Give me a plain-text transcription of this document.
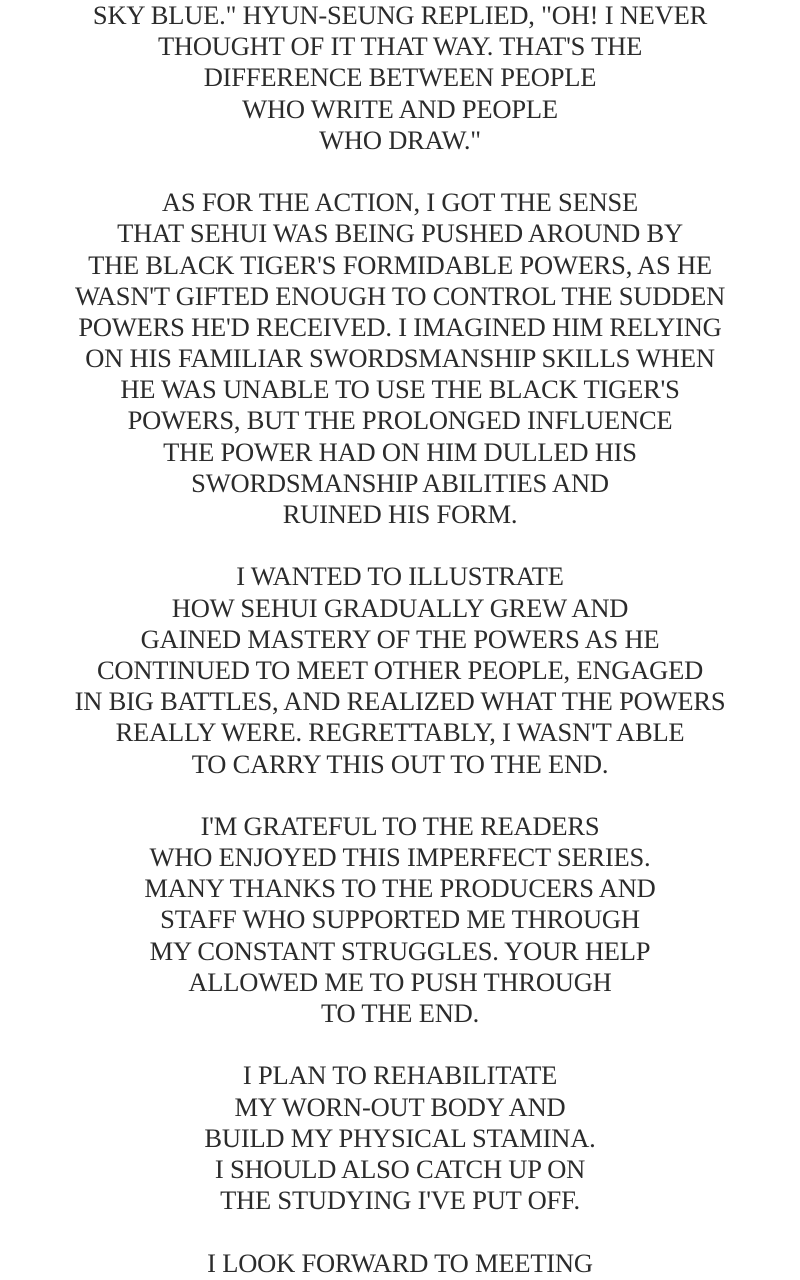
SKY BLUE." HYUN-SEUNG REPLIED, "OH! I NEVER
THOUGHT OF IT THAT WAY. THAT'S THE
DIFFERENCE BETWEEN PEOPLE
WHO WRITE AND PEOPLE
WHO DRAW."
AS FOR THE ACTION, I GOT THE SENSE
THAT SEHUI WAS BEING PUSHED AROUND BY
THE BLACK TIGER'S FORMIDABLE POWERS, AS HE
WASN'T GIFTED ENOUGH TO CONTROL THE SUDDEN
POWERS HE'D RECEIVED. I IMAGINED HIM RELYING
ON HIS FAMILIAR SWORDSMANSHIP SKILLS WHEN
HE WAS UNABLE TO USE THE BLACK TIGER'S
POWERS, BUT THE PROLONGED INFLUENCE
THE POWER HAD ON HIM DULLED HIS
SWORDSMANSHIP ABILITIES AND
RUINED HIS FORM.
I WANTED TO ILLUSTRATE
HOW SEHUI GRADUALLY GREW AND
GAINED MASTERY OF THE POWERS AS HE
CONTINUED TO MEET OTHER PEOPLE, ENGAGED
IN BIG BATTLES, AND REALIZED WHAT THE POWERS
REALLY WERE. REGRETTABLY, I WASN'T ABLE
TO CARRY THIS OUT TO THE END.
I'M GRATEFUL TO THE READERS
WHO ENJOYED THIS IMPERFECT SERIES.
MANY THANKS TO THE PRODUCERS AND
STAFF WHO SUPPORTED ME THROUGH
MY CONSTANT STRUGGLES. YOUR HELP
ALLOWED ME TO PUSH THROUGH
TO THE END.
I PLAN TO REHABILITATE
MY WORN-OUT BODY AND
BUILD MY PHYSICAL STAMINA.
I SHOULD ALSO CATCH UP ON
THE STUDYING I'VE PUT OFF.
I LOOK FORWARD TO MEETING
